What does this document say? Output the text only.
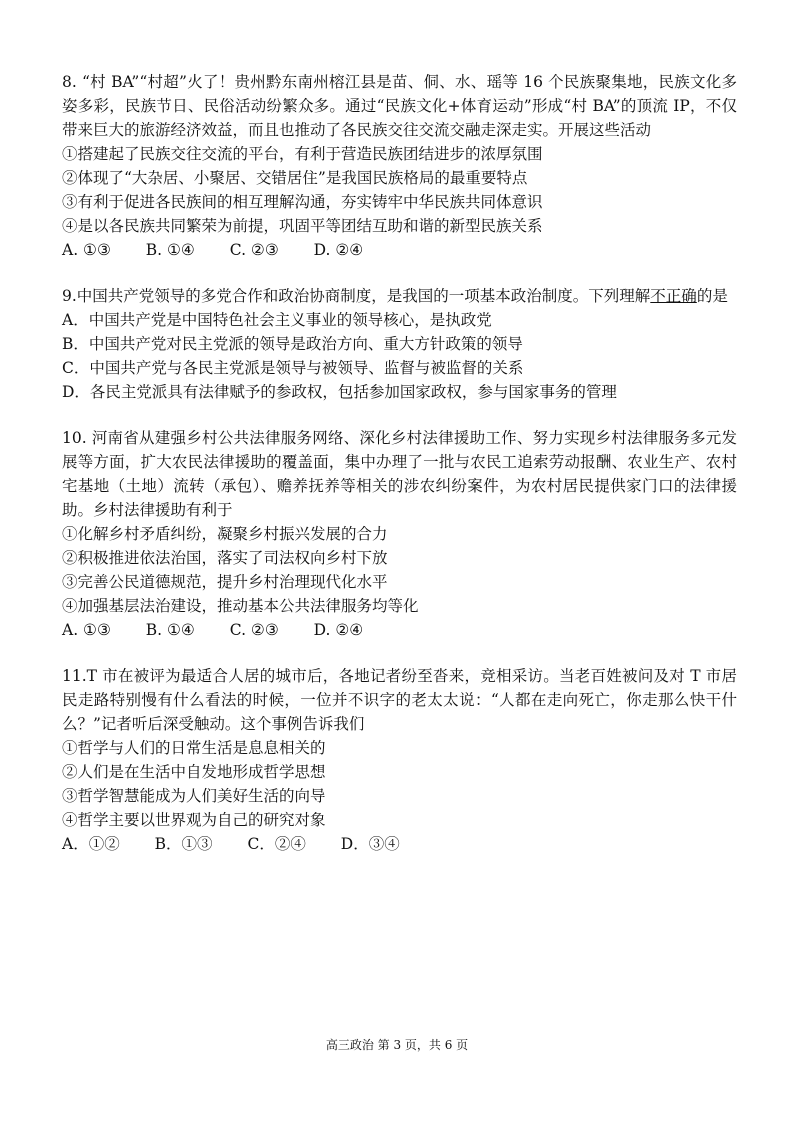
8. “村 BA”“村超”火了！贵州黔东南州榕江县是苗、侗、水、瑶等 16 个民族聚集地，民族文化多姿多彩，民族节日、民俗活动纷繁众多。通过“民族文化+体育运动”形成“村 BA”的顶流 IP，不仅带来巨大的旅游经济效益，而且也推动了各民族交往交流交融走深走实。开展这些活动

①搭建起了民族交往交流的平台，有利于营造民族团结进步的浓厚氛围

②体现了“大杂居、小聚居、交错居住”是我国民族格局的最重要特点

③有利于促进各民族间的相互理解沟通，夯实铸牢中华民族共同体意识

④是以各民族共同繁荣为前提，巩固平等团结互助和谐的新型民族关系

A. ①③ B. ①④ C. ②③ D. ②④

9.中国共产党领导的多党合作和政治协商制度，是我国的一项基本政治制度。下列理解不正确的是

A．中国共产党是中国特色社会主义事业的领导核心，是执政党

B．中国共产党对民主党派的领导是政治方向、重大方针政策的领导

C．中国共产党与各民主党派是领导与被领导、监督与被监督的关系

D．各民主党派具有法律赋予的参政权，包括参加国家政权，参与国家事务的管理

10. 河南省从建强乡村公共法律服务网络、深化乡村法律援助工作、努力实现乡村法律服务多元发展等方面，扩大农民法律援助的覆盖面，集中办理了一批与农民工追索劳动报酬、农业生产、农村宅基地（土地）流转（承包）、赡养抚养等相关的涉农纠纷案件，为农村居民提供家门口的法律援助。乡村法律援助有利于

①化解乡村矛盾纠纷，凝聚乡村振兴发展的合力

②积极推进依法治国，落实了司法权向乡村下放

③完善公民道德规范，提升乡村治理现代化水平

④加强基层法治建设，推动基本公共法律服务均等化

A. ①③ B. ①④ C. ②③ D. ②④

11.T 市在被评为最适合人居的城市后，各地记者纷至沓来，竞相采访。当老百姓被问及对 T 市居民走路特别慢有什么看法的时候，一位并不识字的老太太说：“人都在走向死亡，你走那么快干什么？”记者听后深受触动。这个事例告诉我们

①哲学与人们的日常生活是息息相关的

②人们是在生活中自发地形成哲学思想

③哲学智慧能成为人们美好生活的向导

④哲学主要以世界观为自己的研究对象

A．①② B．①③ C．②④ D．③④

高三政治 第 3 页，共 6 页
